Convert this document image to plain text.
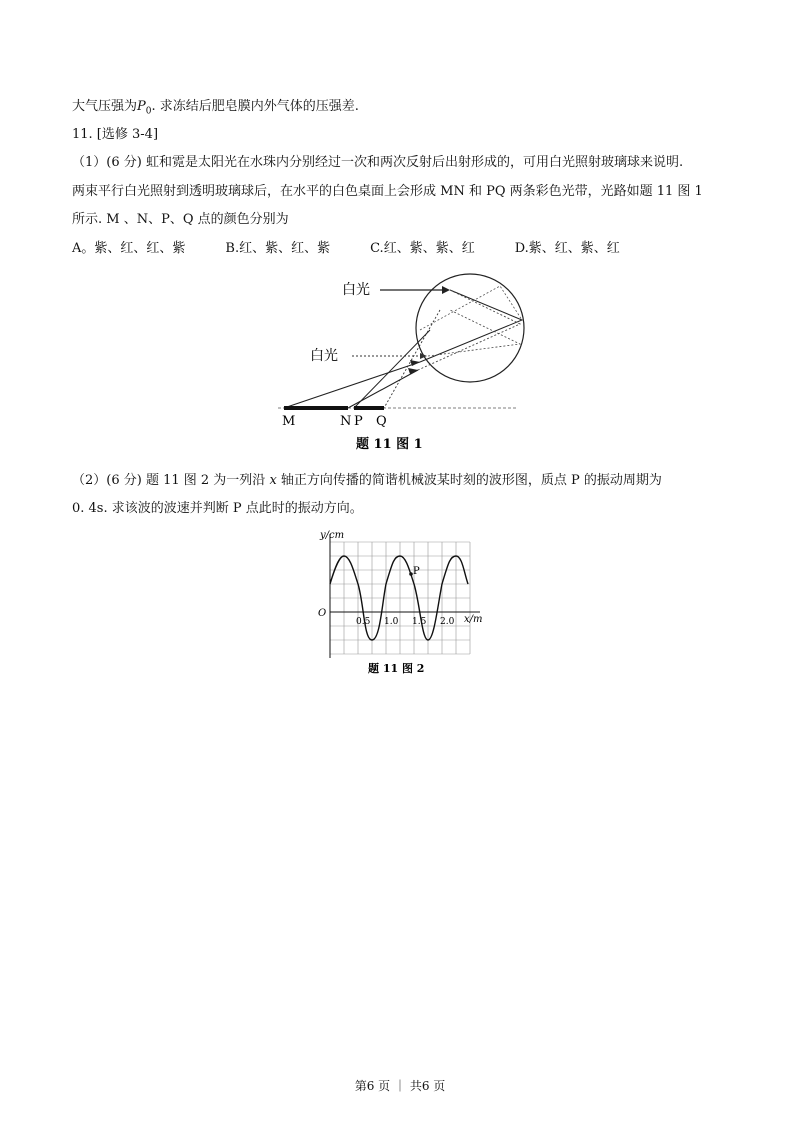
大气压强为$P_0$. 求冻结后肥皂膜内外气体的压强差.
11. [选修 3-4]
（1）(6 分) 虹和霓是太阳光在水珠内分别经过一次和两次反射后出射形成的，可用白光照射玻璃球来说明.
两束平行白光照射到透明玻璃球后，在水平的白色桌面上会形成 MN 和 PQ 两条彩色光带，光路如题 11 图 1
所示. M 、N、P、Q 点的颜色分别为
A。紫、红、红、紫	B.红、紫、红、紫	C.红、紫、紫、红	D.紫、红、紫、红
白光
白光
M	N P Q
题 11 图 1
（2）(6 分) 题 11 图 2 为一列沿 x 轴正方向传播的简谐机械波某时刻的波形图，质点 P 的振动周期为
0. 4s. 求该波的波速并判断 P 点此时的振动方向。
y/cm
x/m
O
0.5 1.0 1.5 2.0
P
题 11 图 2
第6 页 ｜ 共6 页
